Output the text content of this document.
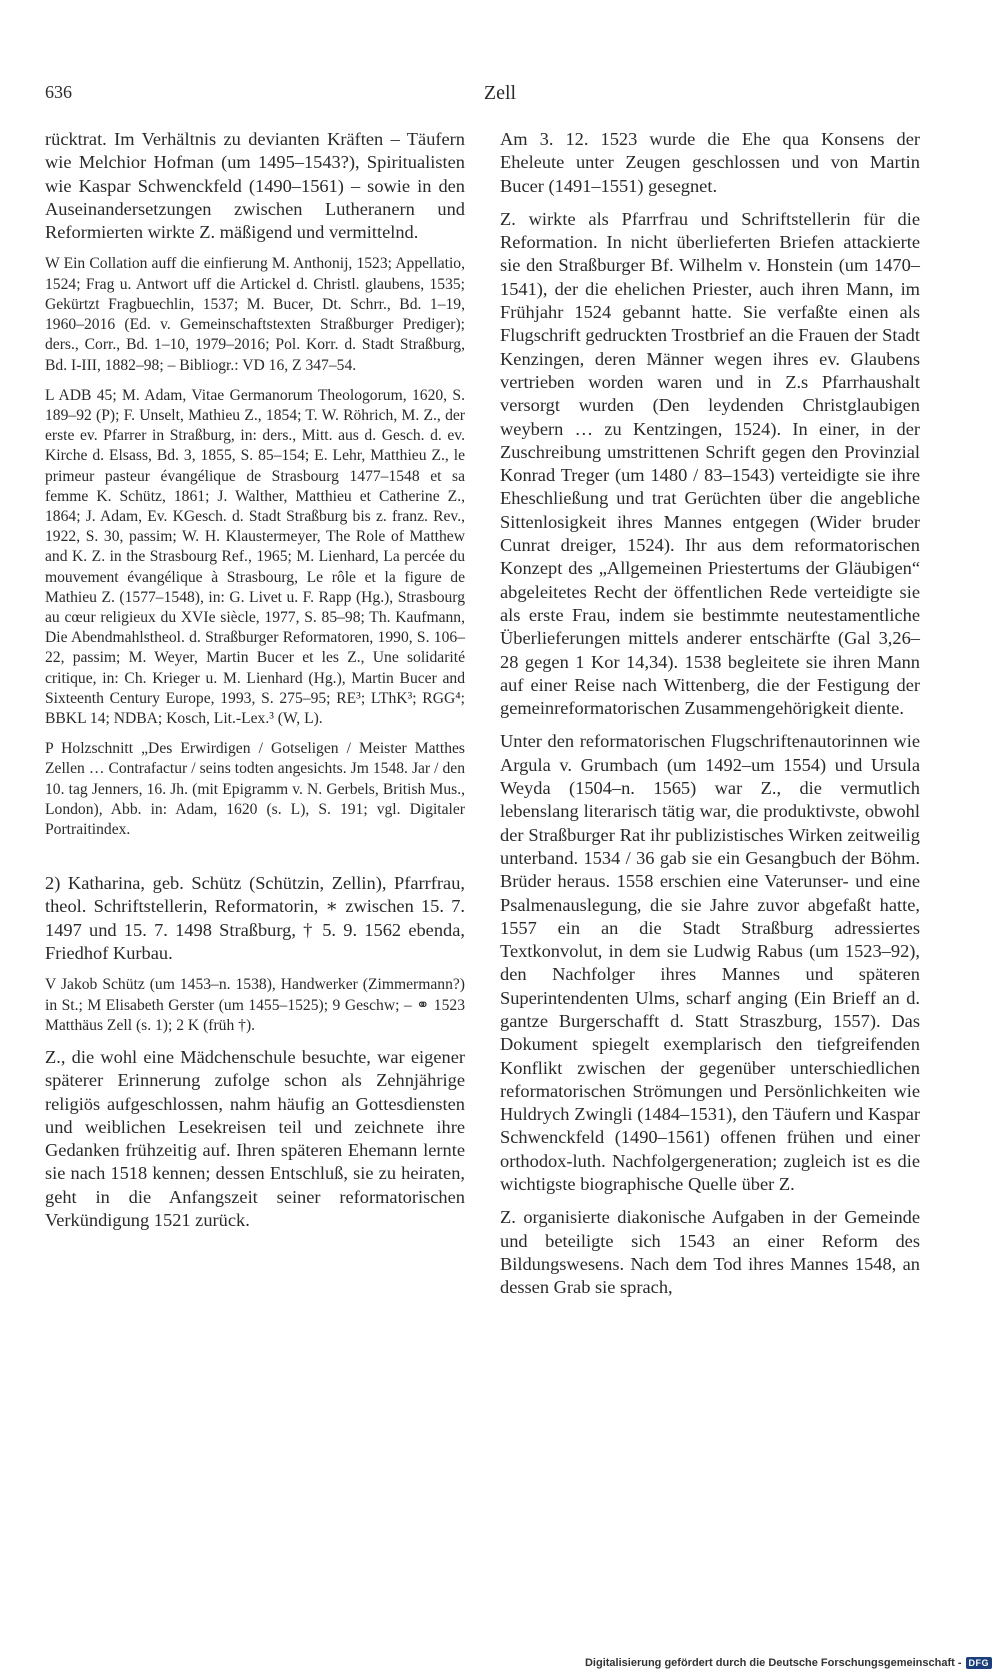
636	Zell

rücktrat. Im Verhältnis zu devianten Kräften – Täufern wie Melchior Hofman (um 1495–1543?), Spiritualisten wie Kaspar Schwenckfeld (1490–1561) – sowie in den Auseinandersetzungen zwischen Lutheranern und Reformierten wirkte Z. mäßigend und vermittelnd.

W Ein Collation auff die einfierung M. Anthonij, 1523; Appellatio, 1524; Frag u. Antwort uff die Artickel d. Christl. glaubens, 1535; Gekürtzt Fragbuechlin, 1537; M. Bucer, Dt. Schrr., Bd. 1–19, 1960–2016 (Ed. v. Gemeinschaftstexten Straßburger Prediger); ders., Corr., Bd. 1–10, 1979–2016; Pol. Korr. d. Stadt Straßburg, Bd. I-III, 1882–98; – Bibliogr.: VD 16, Z 347–54.

L ADB 45; M. Adam, Vitae Germanorum Theologorum, 1620, S. 189–92 (P); F. Unselt, Mathieu Z., 1854; T. W. Röhrich, M. Z., der erste ev. Pfarrer in Straßburg, in: ders., Mitt. aus d. Gesch. d. ev. Kirche d. Elsass, Bd. 3, 1855, S. 85–154; E. Lehr, Matthieu Z., le primeur pasteur évangélique de Strasbourg 1477–1548 et sa femme K. Schütz, 1861; J. Walther, Matthieu et Catherine Z., 1864; J. Adam, Ev. KGesch. d. Stadt Straßburg bis z. franz. Rev., 1922, S. 30, passim; W. H. Klaustermeyer, The Role of Matthew and K. Z. in the Strasbourg Ref., 1965; M. Lienhard, La percée du mouvement évangélique à Strasbourg, Le rôle et la figure de Mathieu Z. (1577–1548), in: G. Livet u. F. Rapp (Hg.), Strasbourg au cœur religieux du XVIe siècle, 1977, S. 85–98; Th. Kaufmann, Die Abendmahlstheol. d. Straßburger Reformatoren, 1990, S. 106–22, passim; M. Weyer, Martin Bucer et les Z., Une solidarité critique, in: Ch. Krieger u. M. Lienhard (Hg.), Martin Bucer and Sixteenth Century Europe, 1993, S. 275–95; RE³; LThK³; RGG⁴; BBKL 14; NDBA; Kosch, Lit.-Lex.³ (W, L).

P Holzschnitt „Des Erwirdigen / Gotseligen / Meister Matthes Zellen … Contrafactur / seins todten angesichts. Jm 1548. Jar / den 10. tag Jenners, 16. Jh. (mit Epigramm v. N. Gerbels, British Mus., London), Abb. in: Adam, 1620 (s. L), S. 191; vgl. Digitaler Portraitindex.

2) Katharina, geb. Schütz (Schützin, Zellin), Pfarrfrau, theol. Schriftstellerin, Reformatorin, ∗ zwischen 15. 7. 1497 und 15. 7. 1498 Straßburg, † 5. 9. 1562 ebenda, Friedhof Kurbau.

V Jakob Schütz (um 1453–n. 1538), Handwerker (Zimmermann?) in St.; M Elisabeth Gerster (um 1455–1525); 9 Geschw; – ⚭ 1523 Matthäus Zell (s. 1); 2 K (früh †).

Z., die wohl eine Mädchenschule besuchte, war eigener späterer Erinnerung zufolge schon als Zehnjährige religiös aufgeschlossen, nahm häufig an Gottesdiensten und weiblichen Lesekreisen teil und zeichnete ihre Gedanken frühzeitig auf. Ihren späteren Ehemann lernte sie nach 1518 kennen; dessen Entschluß, sie zu heiraten, geht in die Anfangszeit seiner reformatorischen Verkündigung 1521 zurück.

Am 3. 12. 1523 wurde die Ehe qua Konsens der Eheleute unter Zeugen geschlossen und von Martin Bucer (1491–1551) gesegnet.

Z. wirkte als Pfarrfrau und Schriftstellerin für die Reformation. In nicht überlieferten Briefen attackierte sie den Straßburger Bf. Wilhelm v. Honstein (um 1470–1541), der die ehelichen Priester, auch ihren Mann, im Frühjahr 1524 gebannt hatte. Sie verfaßte einen als Flugschrift gedruckten Trostbrief an die Frauen der Stadt Kenzingen, deren Männer wegen ihres ev. Glaubens vertrieben worden waren und in Z.s Pfarrhaushalt versorgt wurden (Den leydenden Christglaubigen weybern … zu Kentzingen, 1524). In einer, in der Zuschreibung umstrittenen Schrift gegen den Provinzial Konrad Treger (um 1480 / 83–1543) verteidigte sie ihre Eheschließung und trat Gerüchten über die angebliche Sittenlosigkeit ihres Mannes entgegen (Wider bruder Cunrat dreiger, 1524). Ihr aus dem reformatorischen Konzept des „Allgemeinen Priestertums der Gläubigen“ abgeleitetes Recht der öffentlichen Rede verteidigte sie als erste Frau, indem sie bestimmte neutestamentliche Überlieferungen mittels anderer entschärfte (Gal 3,26–28 gegen 1 Kor 14,34). 1538 begleitete sie ihren Mann auf einer Reise nach Wittenberg, die der Festigung der gemeinreformatorischen Zusammengehörigkeit diente.

Unter den reformatorischen Flugschriftenautorinnen wie Argula v. Grumbach (um 1492–um 1554) und Ursula Weyda (1504–n. 1565) war Z., die vermutlich lebenslang literarisch tätig war, die produktivste, obwohl der Straßburger Rat ihr publizistisches Wirken zeitweilig unterband. 1534 / 36 gab sie ein Gesangbuch der Böhm. Brüder heraus. 1558 erschien eine Vaterunser- und eine Psalmenauslegung, die sie Jahre zuvor abgefaßt hatte, 1557 ein an die Stadt Straßburg adressiertes Textkonvolut, in dem sie Ludwig Rabus (um 1523–92), den Nachfolger ihres Mannes und späteren Superintendenten Ulms, scharf anging (Ein Brieff an d. gantze Burgerschafft d. Statt Straszburg, 1557). Das Dokument spiegelt exemplarisch den tiefgreifenden Konflikt zwischen der gegenüber unterschiedlichen reformatorischen Strömungen und Persönlichkeiten wie Huldrych Zwingli (1484–1531), den Täufern und Kaspar Schwenckfeld (1490–1561) offenen frühen und einer orthodox-luth. Nachfolgergeneration; zugleich ist es die wichtigste biographische Quelle über Z.

Z. organisierte diakonische Aufgaben in der Gemeinde und beteiligte sich 1543 an einer Reform des Bildungswesens. Nach dem Tod ihres Mannes 1548, an dessen Grab sie sprach,

Digitalisierung gefördert durch die Deutsche Forschungsgemeinschaft - DFG
